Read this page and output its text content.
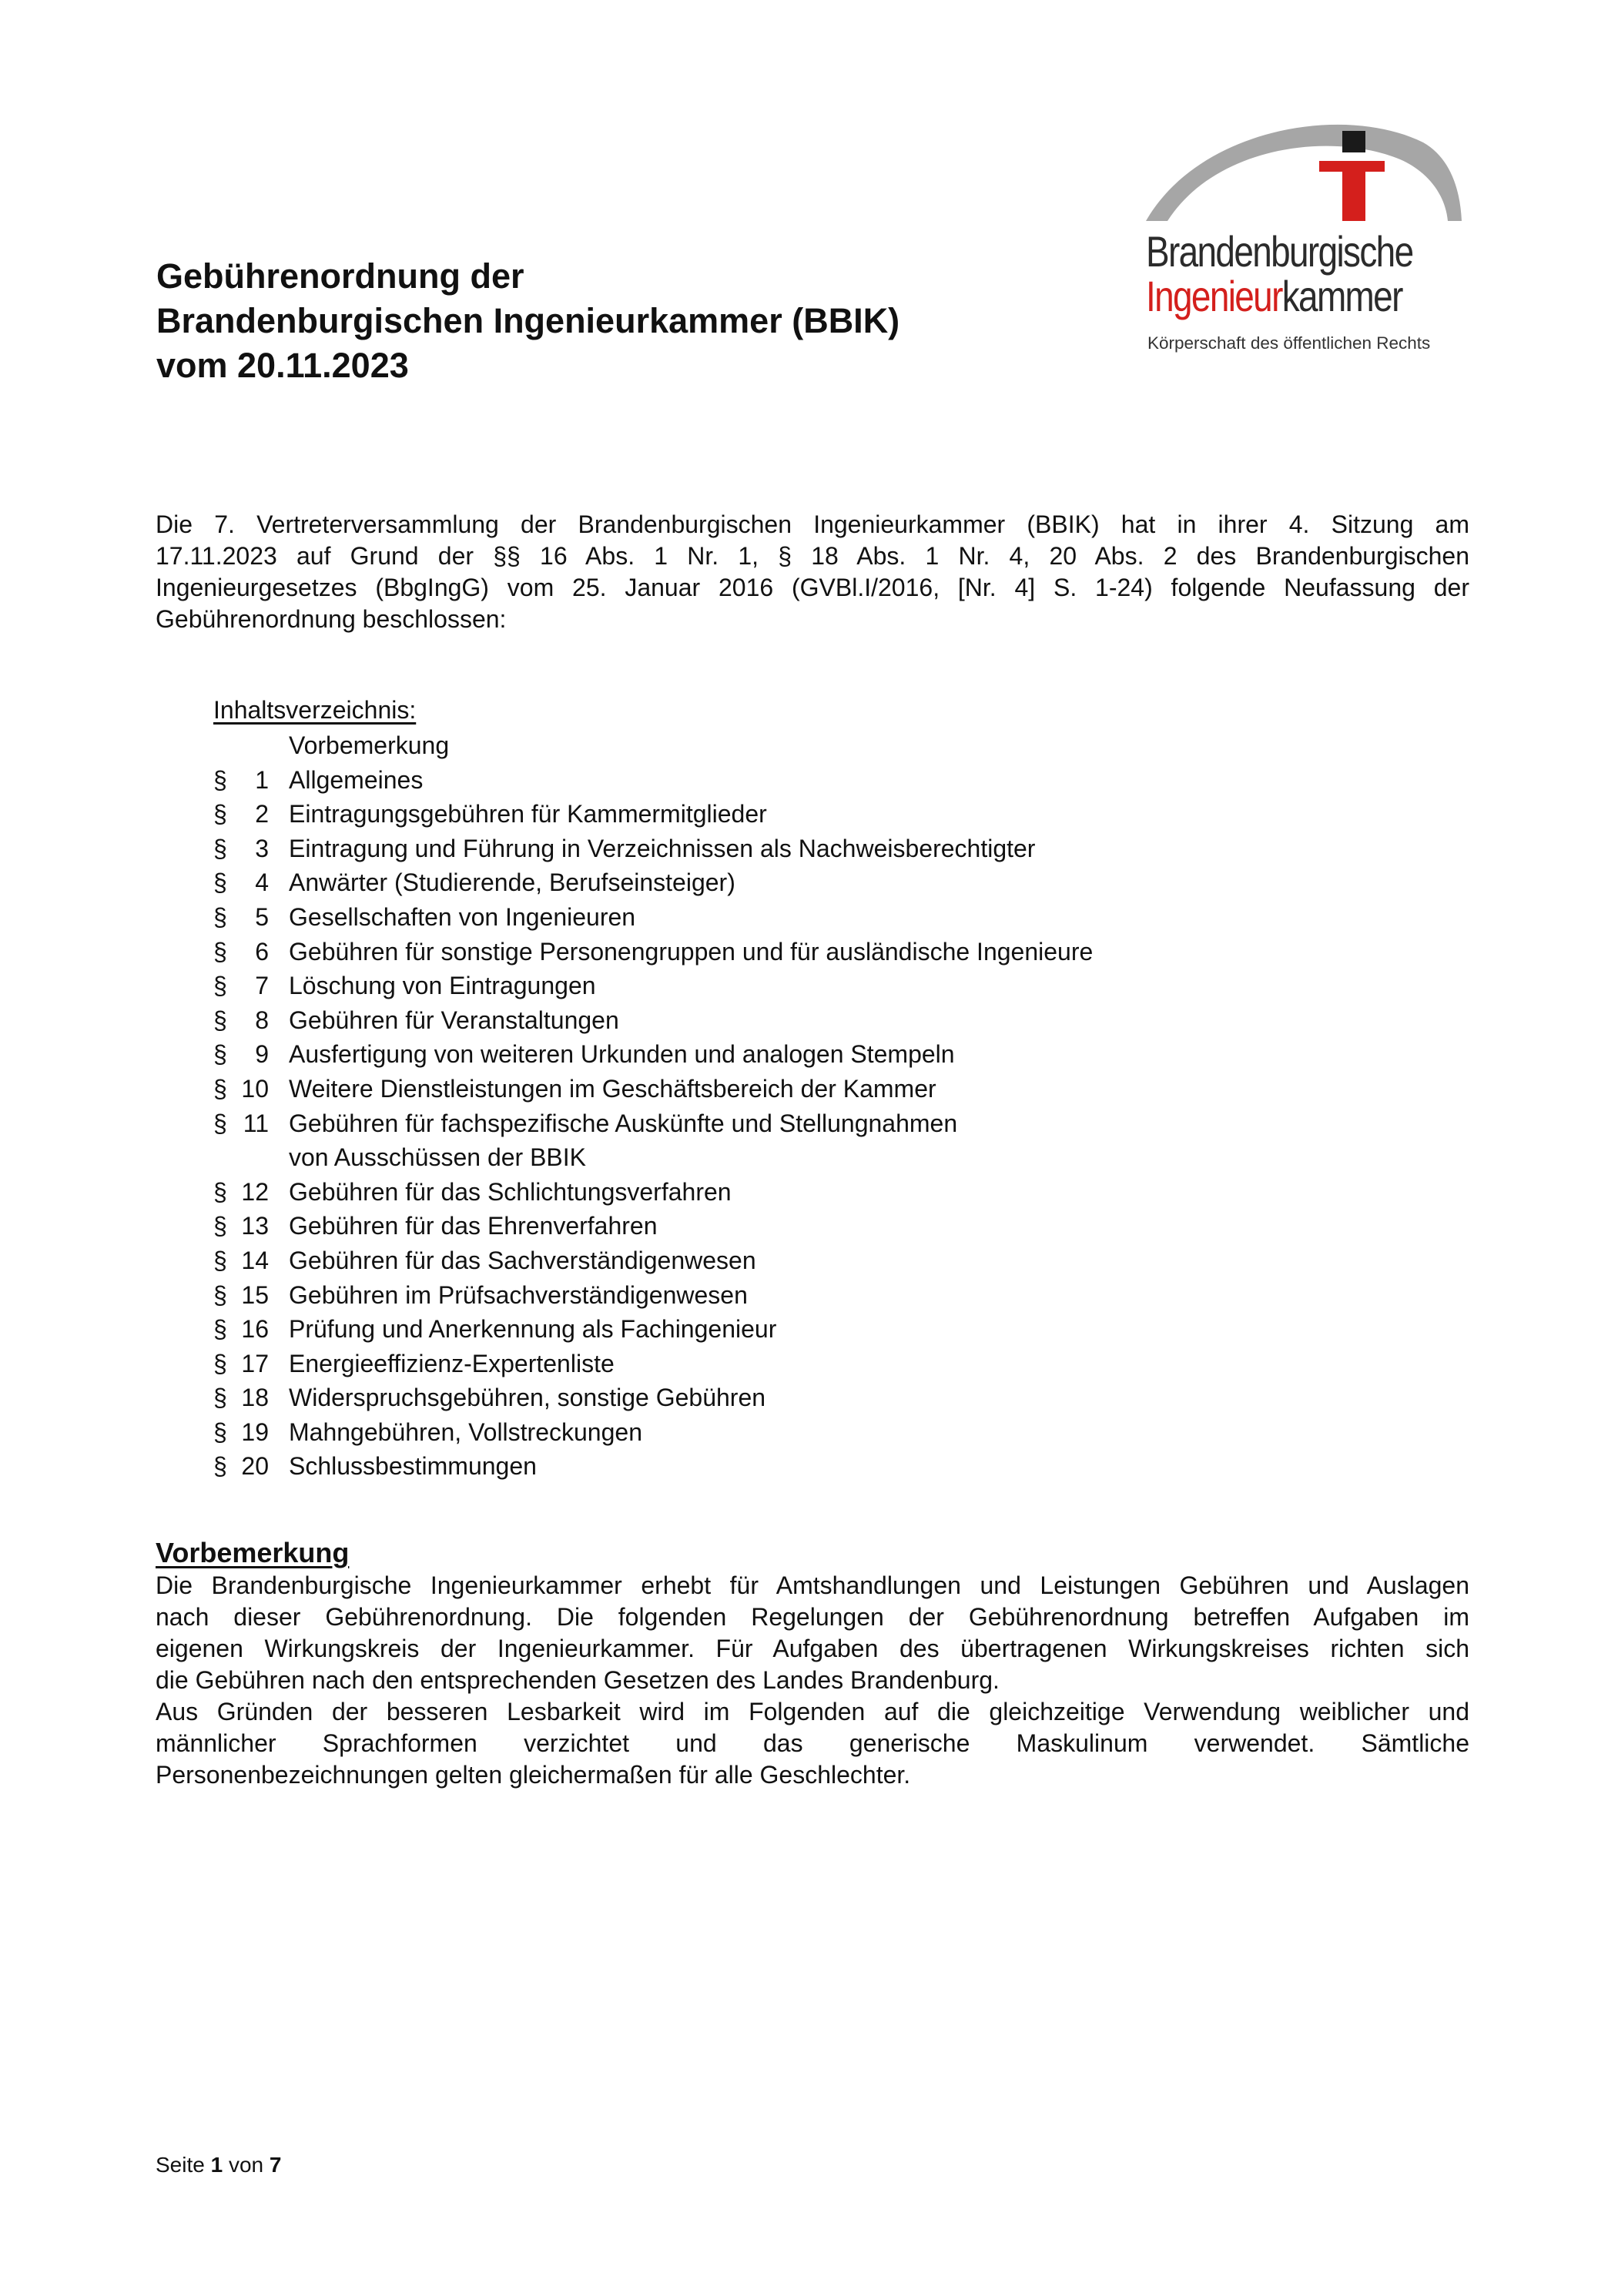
Gebührenordnung der
Brandenburgischen Ingenieurkammer (BBIK)
vom 20.11.2023
Brandenburgische
Ingenieurkammer
Körperschaft des öffentlichen Rechts
Die 7. Vertreterversammlung der Brandenburgischen Ingenieurkammer (BBIK) hat in ihrer 4. Sitzung am
17.11.2023 auf Grund der §§ 16 Abs. 1 Nr. 1, § 18 Abs. 1 Nr. 4, 20 Abs. 2 des Brandenburgischen
Ingenieurgesetzes (BbgIngG) vom 25. Januar 2016 (GVBl.I/2016, [Nr. 4] S. 1-24) folgende Neufassung der
Gebührenordnung beschlossen:
Inhaltsverzeichnis:
Vorbemerkung
§	1 Allgemeines
§	2 Eintragungsgebühren für Kammermitglieder
§	3 Eintragung und Führung in Verzeichnissen als Nachweisberechtigter
§	4 Anwärter (Studierende, Berufseinsteiger)
§	5 Gesellschaften von Ingenieuren
§	6 Gebühren für sonstige Personengruppen und für ausländische Ingenieure
§	7 Löschung von Eintragungen
§	8 Gebühren für Veranstaltungen
§	9 Ausfertigung von weiteren Urkunden und analogen Stempeln
§ 10 Weitere Dienstleistungen im Geschäftsbereich der Kammer
§ 11 Gebühren für fachspezifische Auskünfte und Stellungnahmen
von Ausschüssen der BBIK
§ 12 Gebühren für das Schlichtungsverfahren
§ 13 Gebühren für das Ehrenverfahren
§ 14 Gebühren für das Sachverständigenwesen
§ 15 Gebühren im Prüfsachverständigenwesen
§ 16 Prüfung und Anerkennung als Fachingenieur
§ 17 Energieeffizienz-Expertenliste
§ 18 Widerspruchsgebühren, sonstige Gebühren
§ 19 Mahngebühren, Vollstreckungen
§ 20 Schlussbestimmungen
Vorbemerkung
Die Brandenburgische Ingenieurkammer erhebt für Amtshandlungen und Leistungen Gebühren und Auslagen
nach dieser Gebührenordnung. Die folgenden Regelungen der Gebührenordnung betreffen Aufgaben im
eigenen Wirkungskreis der Ingenieurkammer. Für Aufgaben des übertragenen Wirkungskreises richten sich
die Gebühren nach den entsprechenden Gesetzen des Landes Brandenburg.
Aus Gründen der besseren Lesbarkeit wird im Folgenden auf die gleichzeitige Verwendung weiblicher und
männlicher Sprachformen verzichtet und das generische Maskulinum verwendet. Sämtliche
Personenbezeichnungen gelten gleichermaßen für alle Geschlechter.
Seite 1 von 7
